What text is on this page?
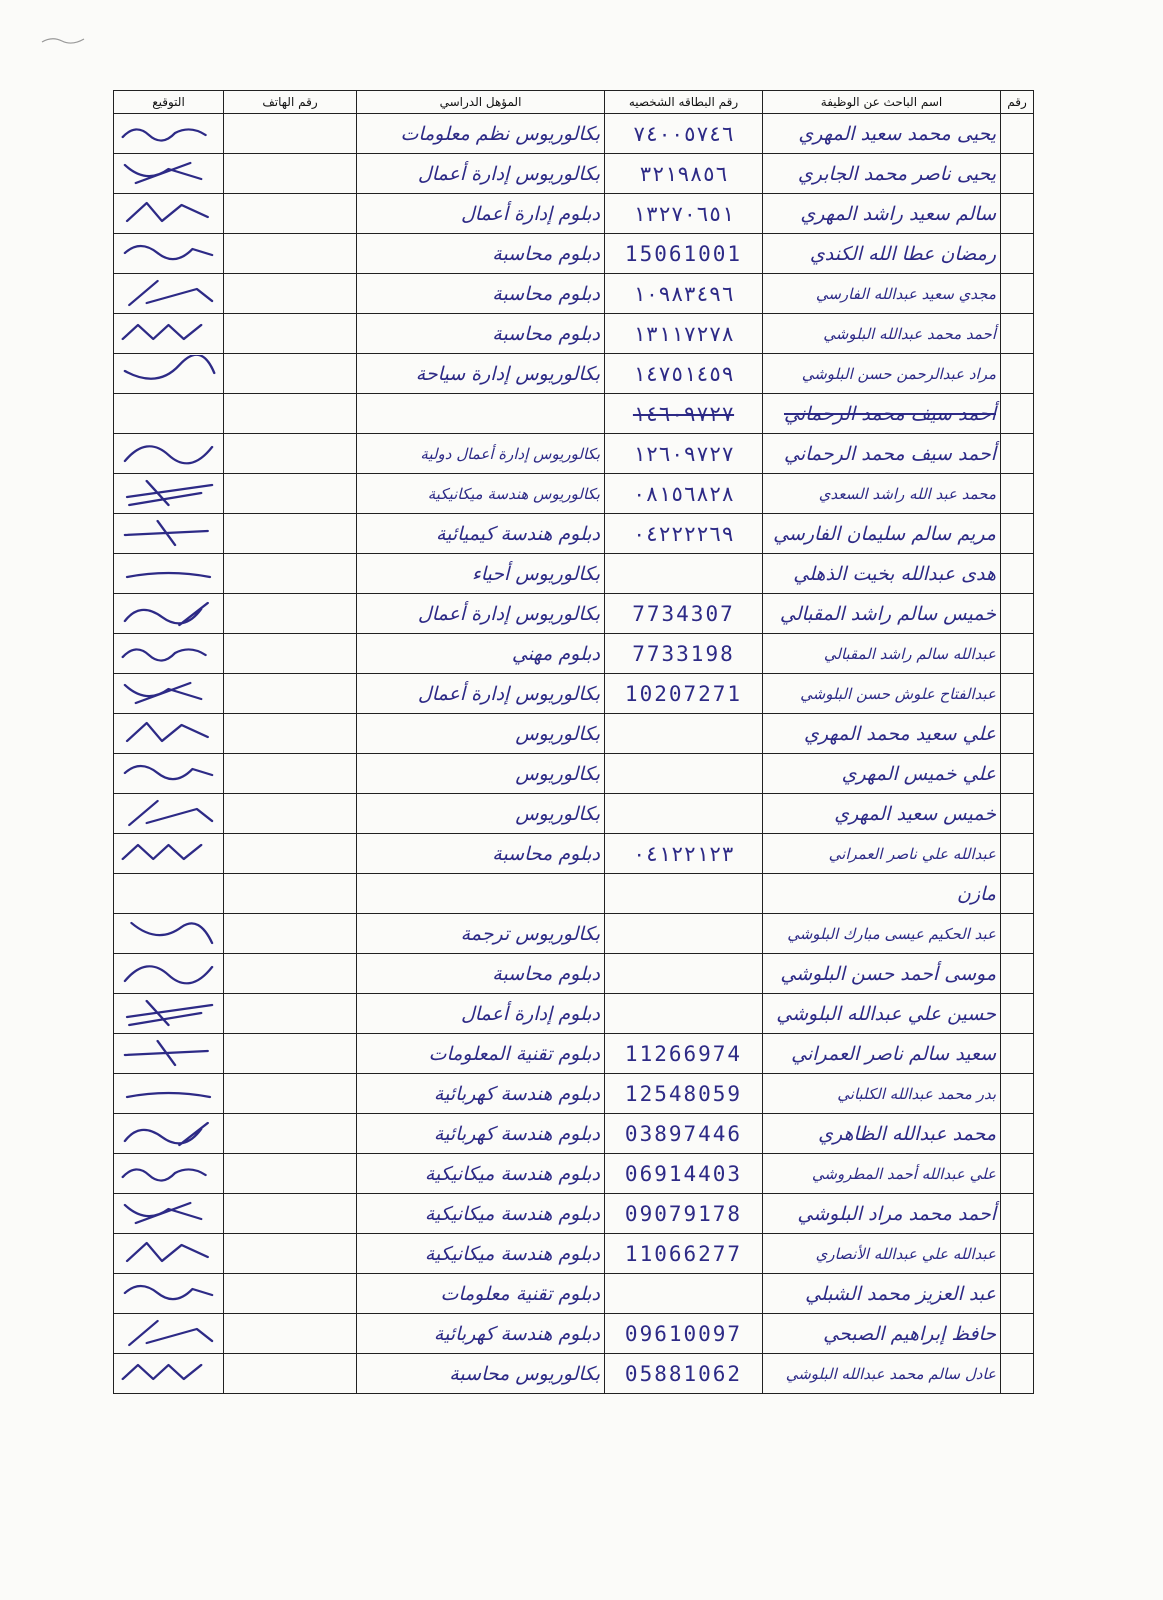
رقم	اسم الباحث عن الوظيفة	رقم البطاقه الشخصيه	المؤهل الدراسي	رقم الهاتف	التوقيع
	يحيى محمد سعيد المهري	٧٤٠٠٥٧٤٦	بكالوريوس نظم معلومات		

	يحيى ناصر محمد الجابري	٣٢١٩٨٥٦	بكالوريوس إدارة أعمال		

	سالم سعيد راشد المهري	١٣٢٧٠٦٥١	دبلوم إدارة أعمال		

	رمضان عطا الله الكندي	15061001	دبلوم محاسبة		

	مجدي سعيد عبدالله الفارسي	١٠٩٨٣٤٩٦	دبلوم محاسبة		

	أحمد محمد عبدالله البلوشي	١٣١١٧٢٧٨	دبلوم محاسبة		

	مراد عبدالرحمن حسن البلوشي	١٤٧٥١٤٥٩	بكالوريوس إدارة سياحة		

	أحمد سيف محمد الرحماني	١٤٦٠٩٧٢٧			
	أحمد سيف محمد الرحماني	١٢٦٠٩٧٢٧	بكالوريوس إدارة أعمال دولية		

	محمد عبد الله راشد السعدي	٠٨١٥٦٨٢٨	بكالوريوس هندسة ميكانيكية		

	مريم سالم سليمان الفارسي	٠٤٢٢٢٢٦٩	دبلوم هندسة كيميائية		

	هدى عبدالله بخيت الذهلي		بكالوريوس أحياء		

	خميس سالم راشد المقبالي	7734307	بكالوريوس إدارة أعمال		

	عبدالله سالم راشد المقبالي	7733198	دبلوم مهني		

	عبدالفتاح علوش حسن البلوشي	10207271	بكالوريوس إدارة أعمال		

	علي سعيد محمد المهري		بكالوريوس		

	علي خميس المهري		بكالوريوس		

	خميس سعيد المهري		بكالوريوس		

	عبدالله علي ناصر العمراني	٠٤١٢٢١٢٣	دبلوم محاسبة		

	مازن				
	عبد الحكيم عيسى مبارك البلوشي		بكالوريوس ترجمة		

	موسى أحمد حسن البلوشي		دبلوم محاسبة		

	حسين علي عبدالله البلوشي		دبلوم إدارة أعمال		

	سعيد سالم ناصر العمراني	11266974	دبلوم تقنية المعلومات		

	بدر محمد عبدالله الكلباني	12548059	دبلوم هندسة كهربائية		

	محمد عبدالله الظاهري	03897446	دبلوم هندسة كهربائية		

	علي عبدالله أحمد المطروشي	06914403	دبلوم هندسة ميكانيكية		

	أحمد محمد مراد البلوشي	09079178	دبلوم هندسة ميكانيكية		

	عبدالله علي عبدالله الأنصاري	11066277	دبلوم هندسة ميكانيكية		

	عبد العزيز محمد الشبلي		دبلوم تقنية معلومات		

	حافظ إبراهيم الصبحي	09610097	دبلوم هندسة كهربائية		

	عادل سالم محمد عبدالله البلوشي	05881062	بكالوريوس محاسبة		
